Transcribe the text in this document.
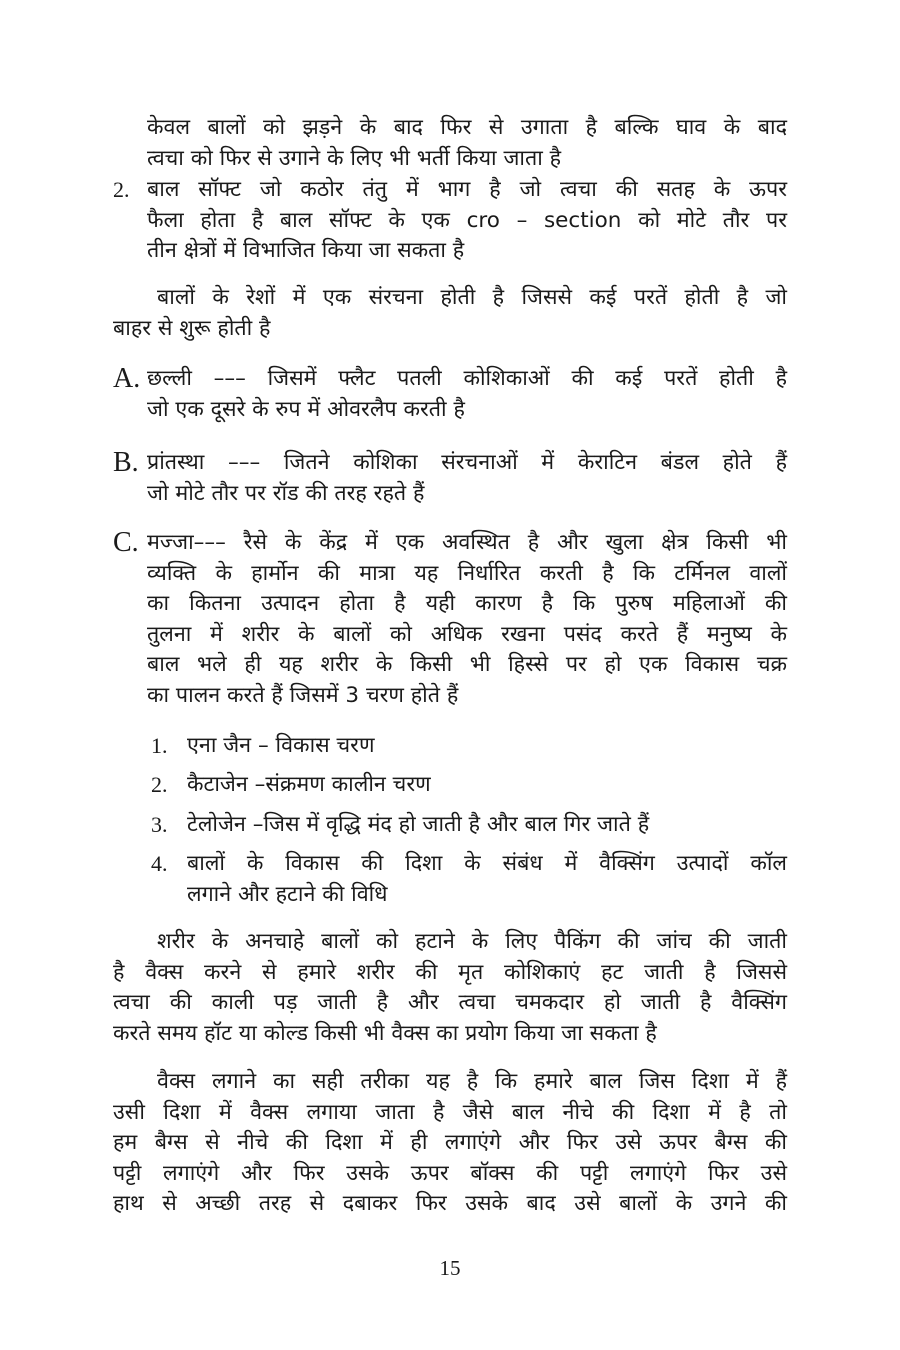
केवल बालों को झड़ने के बाद फिर से उगाता है बल्कि घाव के बाद
त्वचा को फिर से उगाने के लिए भी भर्ती किया जाता है
2. बाल सॉफ्ट जो कठोर तंतु में भाग है जो त्वचा की सतह के ऊपर
फैला होता है बाल सॉफ्ट के एक cro – section को मोटे तौर पर
तीन क्षेत्रों में विभाजित किया जा सकता है
बालों के रेशों में एक संरचना होती है जिससे कई परतें होती है जो
बाहर से शुरू होती है
A. छल्ली ––– जिसमें फ्लैट पतली कोशिकाओं की कई परतें होती है
जो एक दूसरे के रुप में ओवरलैप करती है
B. प्रांतस्था ––– जितने कोशिका संरचनाओं में केराटिन बंडल होते हैं
जो मोटे तौर पर रॉड की तरह रहते हैं
C. मज्जा––– रैसे के केंद्र में एक अवस्थित है और खुला क्षेत्र किसी भी
व्यक्ति के हार्मोन की मात्रा यह निर्धारित करती है कि टर्मिनल वालों
का कितना उत्पादन होता है यही कारण है कि पुरुष महिलाओं की
तुलना में शरीर के बालों को अधिक रखना पसंद करते हैं मनुष्य के
बाल भले ही यह शरीर के किसी भी हिस्से पर हो एक विकास चक्र
का पालन करते हैं जिसमें 3 चरण होते हैं
1. एना जैन – विकास चरण
2. कैटाजेन –संक्रमण कालीन चरण
3. टेलोजेन –जिस में वृद्धि मंद हो जाती है और बाल गिर जाते हैं
4. बालों के विकास की दिशा के संबंध में वैक्सिंग उत्पादों कॉल
लगाने और हटाने की विधि
शरीर के अनचाहे बालों को हटाने के लिए पैकिंग की जांच की जाती
है वैक्स करने से हमारे शरीर की मृत कोशिकाएं हट जाती है जिससे
त्वचा की काली पड़ जाती है और त्वचा चमकदार हो जाती है वैक्सिंग
करते समय हॉट या कोल्ड किसी भी वैक्स का प्रयोग किया जा सकता है
वैक्स लगाने का सही तरीका यह है कि हमारे बाल जिस दिशा में हैं
उसी दिशा में वैक्स लगाया जाता है जैसे बाल नीचे की दिशा में है तो
हम बैग्स से नीचे की दिशा में ही लगाएंगे और फिर उसे ऊपर बैग्स की
पट्टी लगाएंगे और फिर उसके ऊपर बॉक्स की पट्टी लगाएंगे फिर उसे
हाथ से अच्छी तरह से दबाकर फिर उसके बाद उसे बालों के उगने की
15
